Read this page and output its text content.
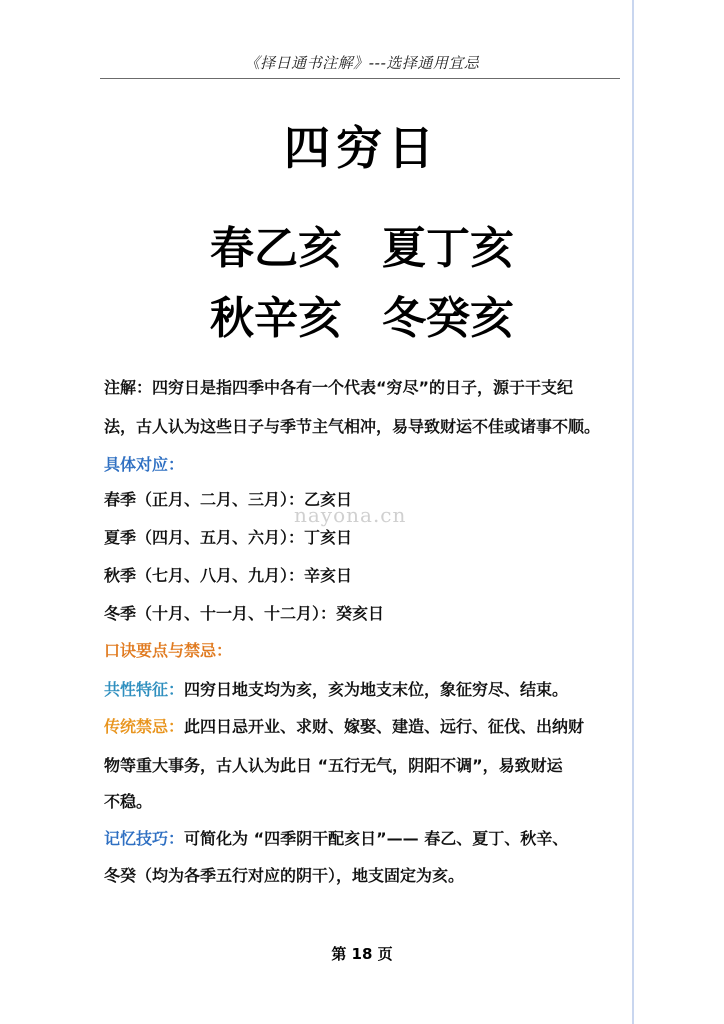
《择日通书注解》---选择通用宜忌
四穷日
春乙亥 夏丁亥
秋辛亥 冬癸亥
注解：四穷日是指四季中各有一个代表“穷尽”的日子，源于干支纪
法，古人认为这些日子与季节主气相冲，易导致财运不佳或诸事不顺。
具体对应：
春季（正月、二月、三月）：乙亥日
夏季（四月、五月、六月）：丁亥日
秋季（七月、八月、九月）：辛亥日
冬季（十月、十一月、十二月）：癸亥日
口诀要点与禁忌：
共性特征：四穷日地支均为亥，亥为地支末位，象征穷尽、结束。
传统禁忌：此四日忌开业、求财、嫁娶、建造、远行、征伐、出纳财
物等重大事务，古人认为此日 “五行无气，阴阳不调”，易致财运
不稳。
记忆技巧：可简化为 “四季阴干配亥日”—— 春乙、夏丁、秋辛、
冬癸（均为各季五行对应的阴干），地支固定为亥。
nayona.cn
第 18 页
